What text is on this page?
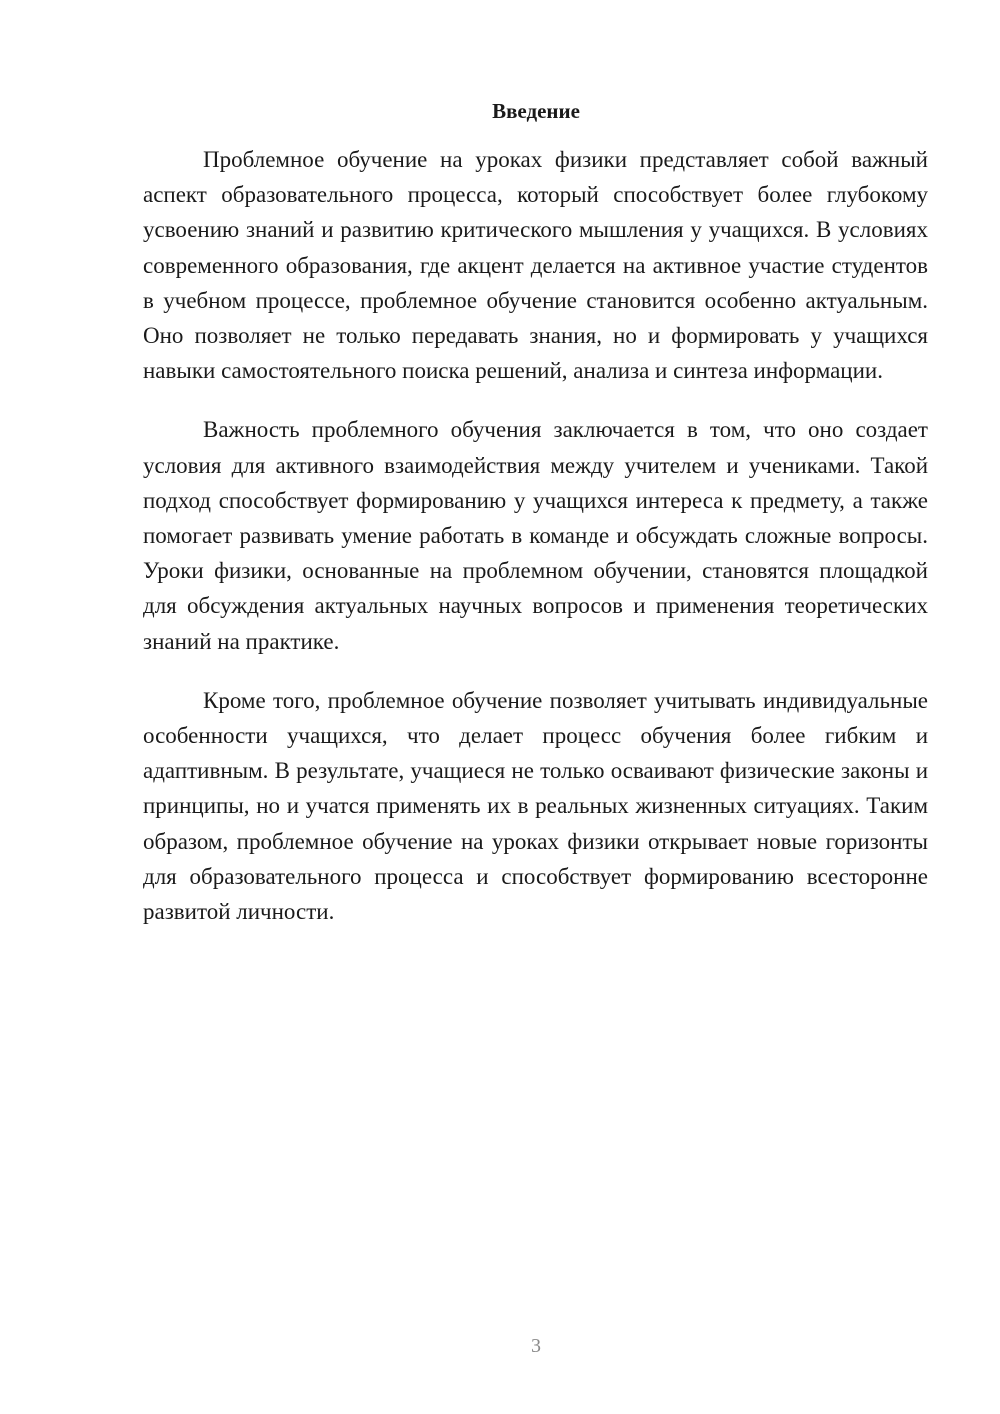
Введение

Проблемное обучение на уроках физики представляет собой важный аспект образовательного процесса, который способствует более глубокому усвоению знаний и развитию критического мышления у учащихся. В условиях современного образования, где акцент делается на активное участие студентов в учебном процессе, проблемное обучение становится особенно актуальным. Оно позволяет не только передавать знания, но и формировать у учащихся навыки самостоятельного поиска решений, анализа и синтеза информации.

Важность проблемного обучения заключается в том, что оно создает условия для активного взаимодействия между учителем и учениками. Такой подход способствует формированию у учащихся интереса к предмету, а также помогает развивать умение работать в команде и обсуждать сложные вопросы. Уроки физики, основанные на проблемном обучении, становятся площадкой для обсуждения актуальных научных вопросов и применения теоретических знаний на практике.

Кроме того, проблемное обучение позволяет учитывать индивидуальные особенности учащихся, что делает процесс обучения более гибким и адаптивным. В результате, учащиеся не только осваивают физические законы и принципы, но и учатся применять их в реальных жизненных ситуациях. Таким образом, проблемное обучение на уроках физики открывает новые горизонты для образовательного процесса и способствует формированию всесторонне развитой личности.

3
